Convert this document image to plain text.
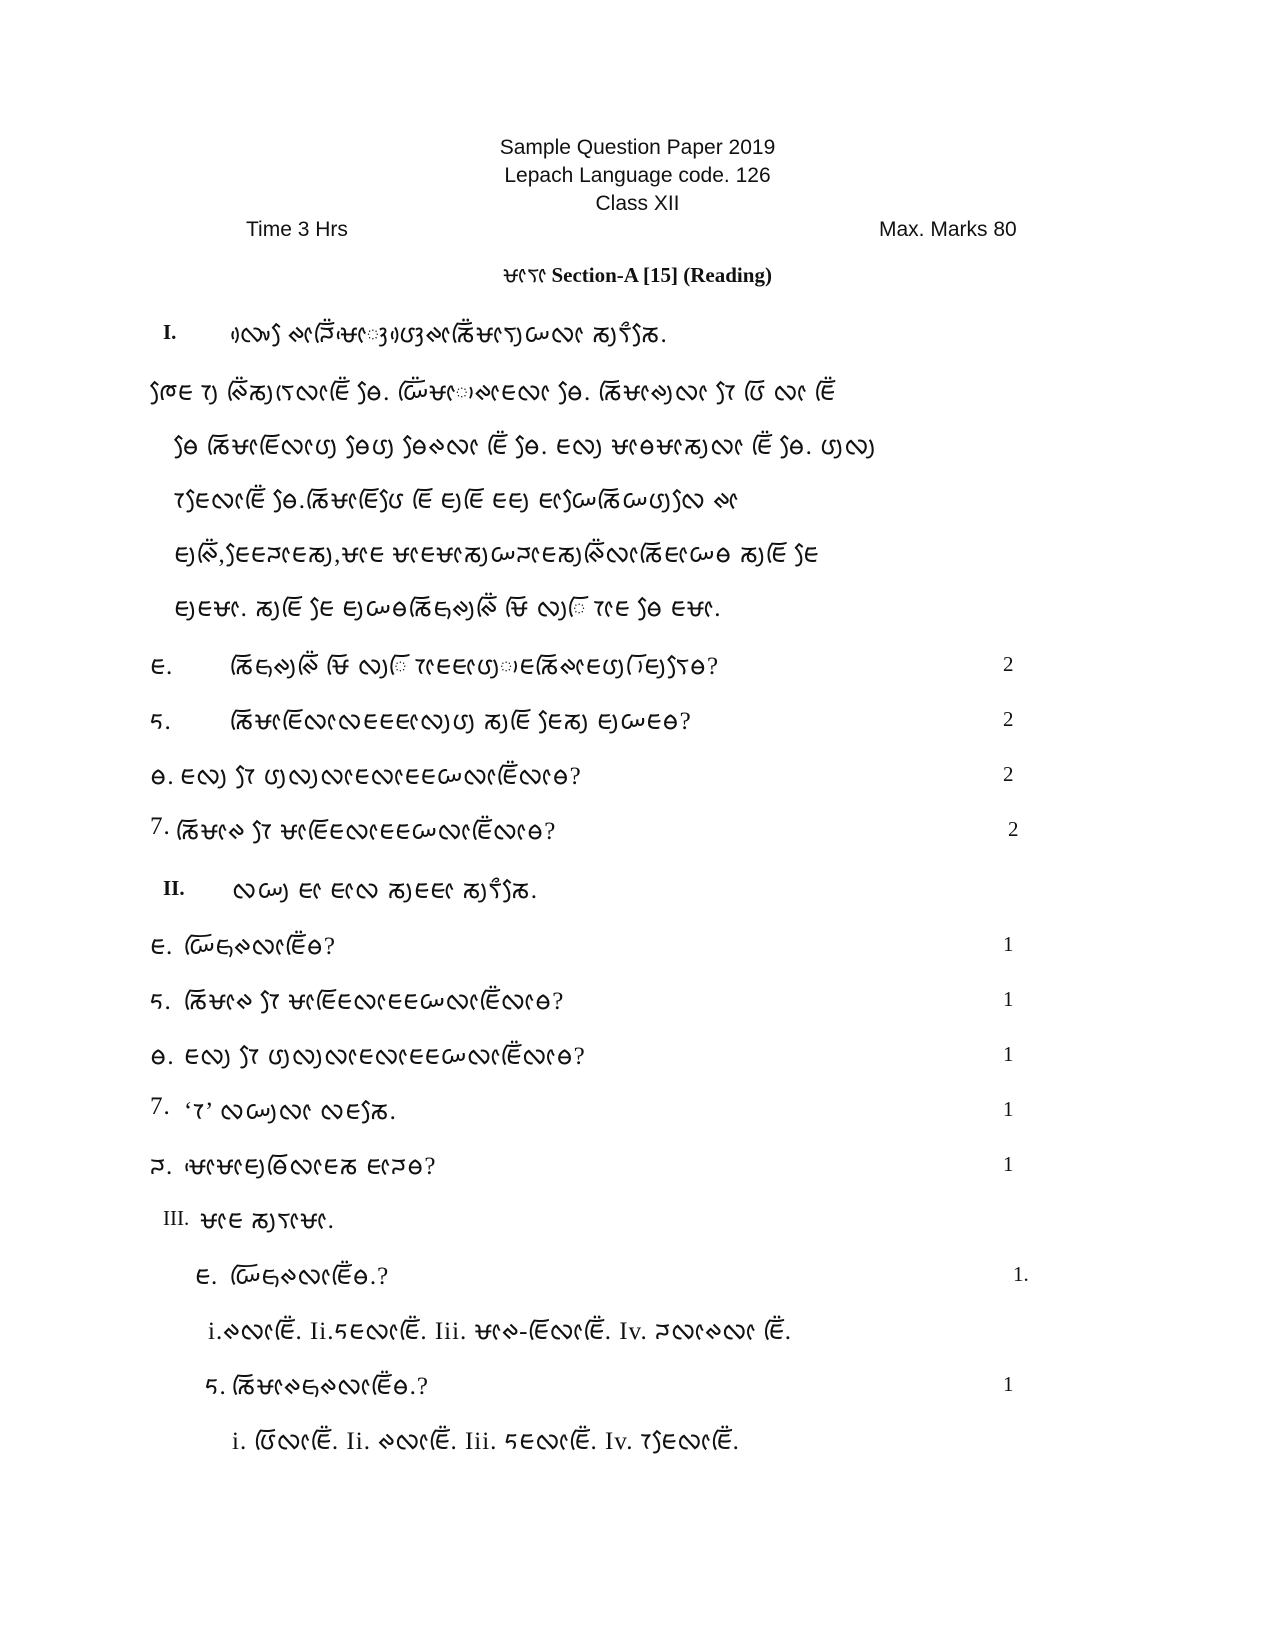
Sample Question Paper 2019
Lepach Language code. 126
Class XII
Time 3 Hrs	Max. Marks 80
ᰝᰦᰛᰦ Section-A [15] (Reading)
I. ᰜᰤᰴ ᰧᰊᰦᰎᰩᰮᰝᰦᰵᰫᰂᰫᰴᰊᰦᰕᰩᰮᰝᰦᰛᰪᰠᰜᰦ ᰕᰪᰛᰰᰕᰧ.
ᰈᰧᰀ ᰅᰪ ᰊᰩᰮᰕᰪᰛᰨᰜᰦᰀᰩᰮ ᰟᰧ. ᰠᰩᰮᰝᰦᰥᰊᰦᰀᰜᰦ ᰟᰧ. ᰕᰩᰝᰦᰊᰪᰜᰦ ᰅᰧ ᰂᰩ ᰜᰦ ᰀᰩᰮ
ᰟᰧ ᰕᰩᰝᰦᰀᰩᰜᰦᰂᰪ ᰟᰧᰂᰪ ᰟᰧᰊᰜᰦ ᰀᰩᰮ ᰟᰧ. ᰀᰜᰪ ᰝᰦᰟᰝᰦᰕᰪᰜᰦ ᰀᰩᰮ ᰟᰧ. ᰂᰪᰜᰪ
ᰅᰀᰧᰜᰦᰀᰩᰮ ᰟᰧ.ᰕᰩᰝᰦᰀᰩᰂᰧ ᰀᰩ ᰀᰪᰀᰩ ᰀᰀᰪ ᰀᰦᰠᰧᰕᰩᰠᰂᰪᰜᰧ ᰊᰦ
ᰀᰪᰊᰩᰮ,ᰀᰧᰀᰎᰦᰀᰕᰪ,ᰝᰦᰀ ᰝᰦᰀᰝᰦᰕᰪᰠᰎᰦᰀᰕᰪᰊᰩᰮᰜᰦᰕᰩᰀᰦᰠᰟ ᰕᰪᰀᰩ ᰀᰧ
ᰀᰪᰀᰝᰦ. ᰕᰪᰀᰩ ᰀᰧ ᰀᰪᰠᰟᰕᰩᰀᰥᰊᰪᰊᰩᰮ ᰝᰩ ᰜᰪᰩ ᰅᰦᰀ ᰟᰧ ᰀᰝᰦ.
ᰀ. ᰕᰩᰀᰥᰊᰪᰊᰩᰮ ᰝᰩ ᰜᰪᰩ ᰅᰦᰀᰀᰦᰂᰪᰥᰀᰕᰩᰊᰦᰀᰂᰪ ᰥᰩᰀᰪᰛᰧᰟ?	2
ᰁ. ᰕᰩᰝᰦᰀᰩᰜᰦᰜᰀᰀᰀᰦᰜᰪᰂᰪ ᰕᰪᰀᰩ ᰀᰧᰕᰪ ᰀᰪᰠᰀᰟ?	2
ᰟ. ᰀᰜᰪ ᰅᰧ ᰂᰪᰜᰪᰜᰦᰀᰜᰦᰀᰀᰠᰜᰦᰀᰩᰮᰜᰦᰟ?	2
7. ᰕᰩᰝᰦᰊ ᰅᰧ ᰝᰦᰀᰩᰀᰜᰦᰀᰀᰠᰜᰦᰀᰩᰮᰜᰦᰟ?	2
II. ᰜᰠᰪ ᰀᰦ ᰀᰦᰜ ᰕᰪᰀᰀᰦ ᰕᰪᰛᰰᰕᰧ.
ᰀ. ᰠᰩᰀᰥᰊᰜᰦᰀᰩᰮᰟ?	1
ᰁ. ᰕᰩᰝᰦᰊ ᰅᰧ ᰝᰦᰀᰩᰀᰜᰦᰀᰀᰠᰜᰦᰀᰩᰮᰜᰦᰟ?	1
ᰟ. ᰀᰜᰪ ᰅᰧ ᰂᰪᰜᰪᰜᰦᰀᰜᰦᰀᰀᰠᰜᰦᰀᰩᰮᰜᰦᰟ?	1
7. ‘ᰅ’ ᰜᰠᰪᰜᰦ ᰜᰀᰕᰧ.	1
ᰎ. ᰝᰦᰵᰝᰦᰀᰪᰟᰩᰜᰦᰀᰕ ᰀᰦᰎᰟ?	1
III. ᰝᰦᰀ ᰕᰪᰛᰦᰝᰦ.
ᰀ. ᰠᰩᰀᰥᰊᰜᰦᰀᰩᰮᰟ.?	1.
i.ᰊᰜᰦᰀᰩᰮ. Ii.ᰁᰀᰜᰦᰀᰩᰮ. Iii. ᰝᰦᰊ-ᰀᰩᰜᰦᰀᰩᰮ. Iv. ᰎᰜᰦᰊᰜᰦ ᰀᰩᰮ.
ᰁ. ᰕᰩᰝᰦᰊᰀᰥᰊᰜᰦᰀᰩᰮᰟ.?	1
i. ᰂᰩᰜᰦᰀᰩᰮ. Ii. ᰊᰜᰦᰀᰩᰮ. Iii. ᰁᰀᰜᰦᰀᰩᰮ. Iv. ᰅᰀᰧᰜᰦᰀᰩᰮ.
